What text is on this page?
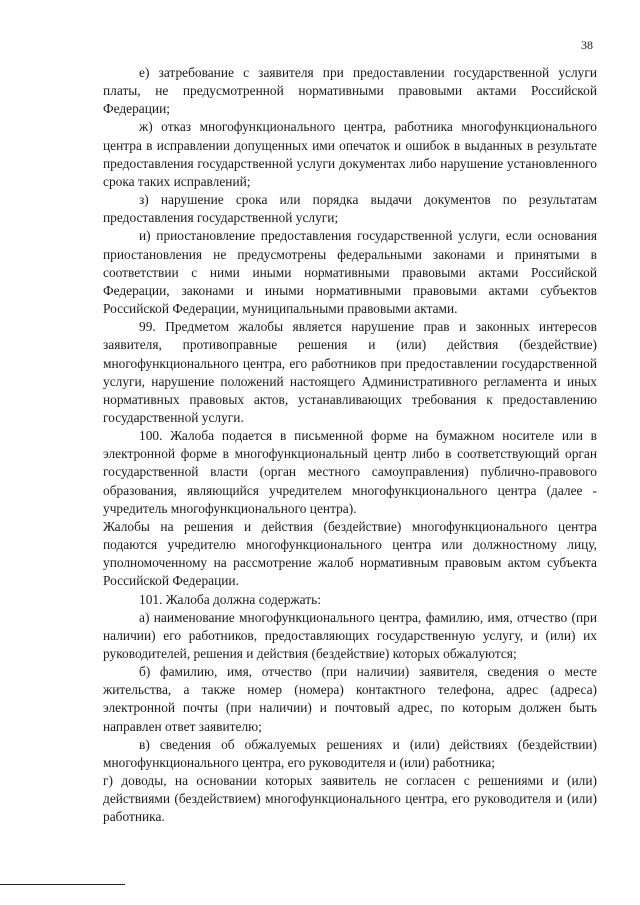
38

е) затребование с заявителя при предоставлении государственной услуги платы, не предусмотренной нормативными правовыми актами Российской Федерации;

ж) отказ многофункционального центра, работника многофункционального центра в исправлении допущенных ими опечаток и ошибок в выданных в результате предоставления государственной услуги документах либо нарушение установленного срока таких исправлений;

з) нарушение срока или порядка выдачи документов по результатам предоставления государственной услуги;

и) приостановление предоставления государственной услуги, если основания приостановления не предусмотрены федеральными законами и принятыми в соответствии с ними иными нормативными правовыми актами Российской Федерации, законами и иными нормативными правовыми актами субъектов Российской Федерации, муниципальными правовыми актами.

99. Предметом жалобы является нарушение прав и законных интересов заявителя, противоправные решения и (или) действия (бездействие) многофункционального центра, его работников при предоставлении государственной услуги, нарушение положений настоящего Административного регламента и иных нормативных правовых актов, устанавливающих требования к предоставлению государственной услуги.

100. Жалоба подается в письменной форме на бумажном носителе или в электронной форме в многофункциональный центр либо в соответствующий орган государственной власти (орган местного самоуправления) публично-правового образования, являющийся учредителем многофункционального центра (далее - учредитель многофункционального центра).

Жалобы на решения и действия (бездействие) многофункционального центра подаются учредителю многофункционального центра или должностному лицу, уполномоченному на рассмотрение жалоб нормативным правовым актом субъекта Российской Федерации.

101. Жалоба должна содержать:

а) наименование многофункционального центра, фамилию, имя, отчество (при наличии) его работников, предоставляющих государственную услугу, и (или) их руководителей, решения и действия (бездействие) которых обжалуются;

б) фамилию, имя, отчество (при наличии) заявителя, сведения о месте жительства, а также номер (номера) контактного телефона, адрес (адреса) электронной почты (при наличии) и почтовый адрес, по которым должен быть направлен ответ заявителю;

в) сведения об обжалуемых решениях и (или) действиях (бездействии) многофункционального центра, его руководителя и (или) работника;

г) доводы, на основании которых заявитель не согласен с решениями и (или) действиями (бездействием) многофункционального центра, его руководителя и (или) работника.
